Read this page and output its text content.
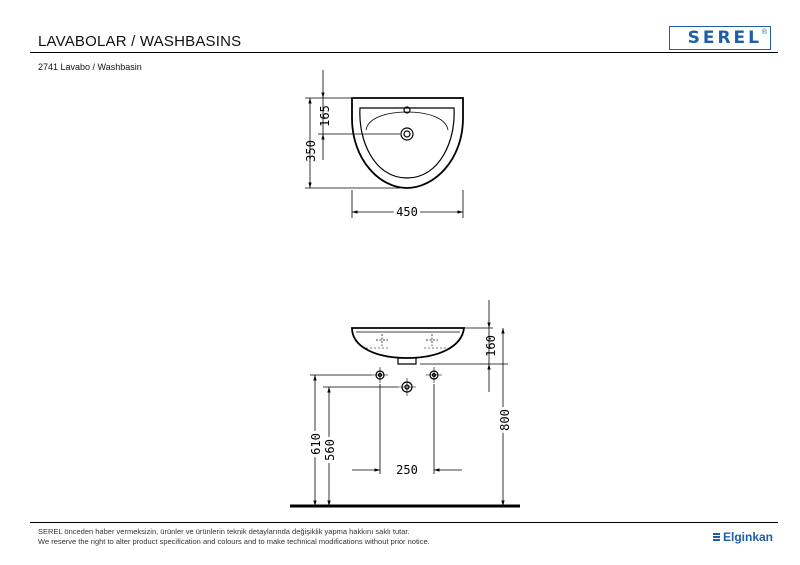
LAVABOLAR / WASHBASINS	SEREL®
2741 Lavabo / Washbasin
350
165
450
160
800
610 560
250
SEREL önceden haber vermeksizin, ürünler ve ürünlerin teknik detaylarında değişiklik yapma hakkını saklı tutar.
We reserve the right to alter product specification and colours and to make technical modifications without prior notice.	Elginkan
